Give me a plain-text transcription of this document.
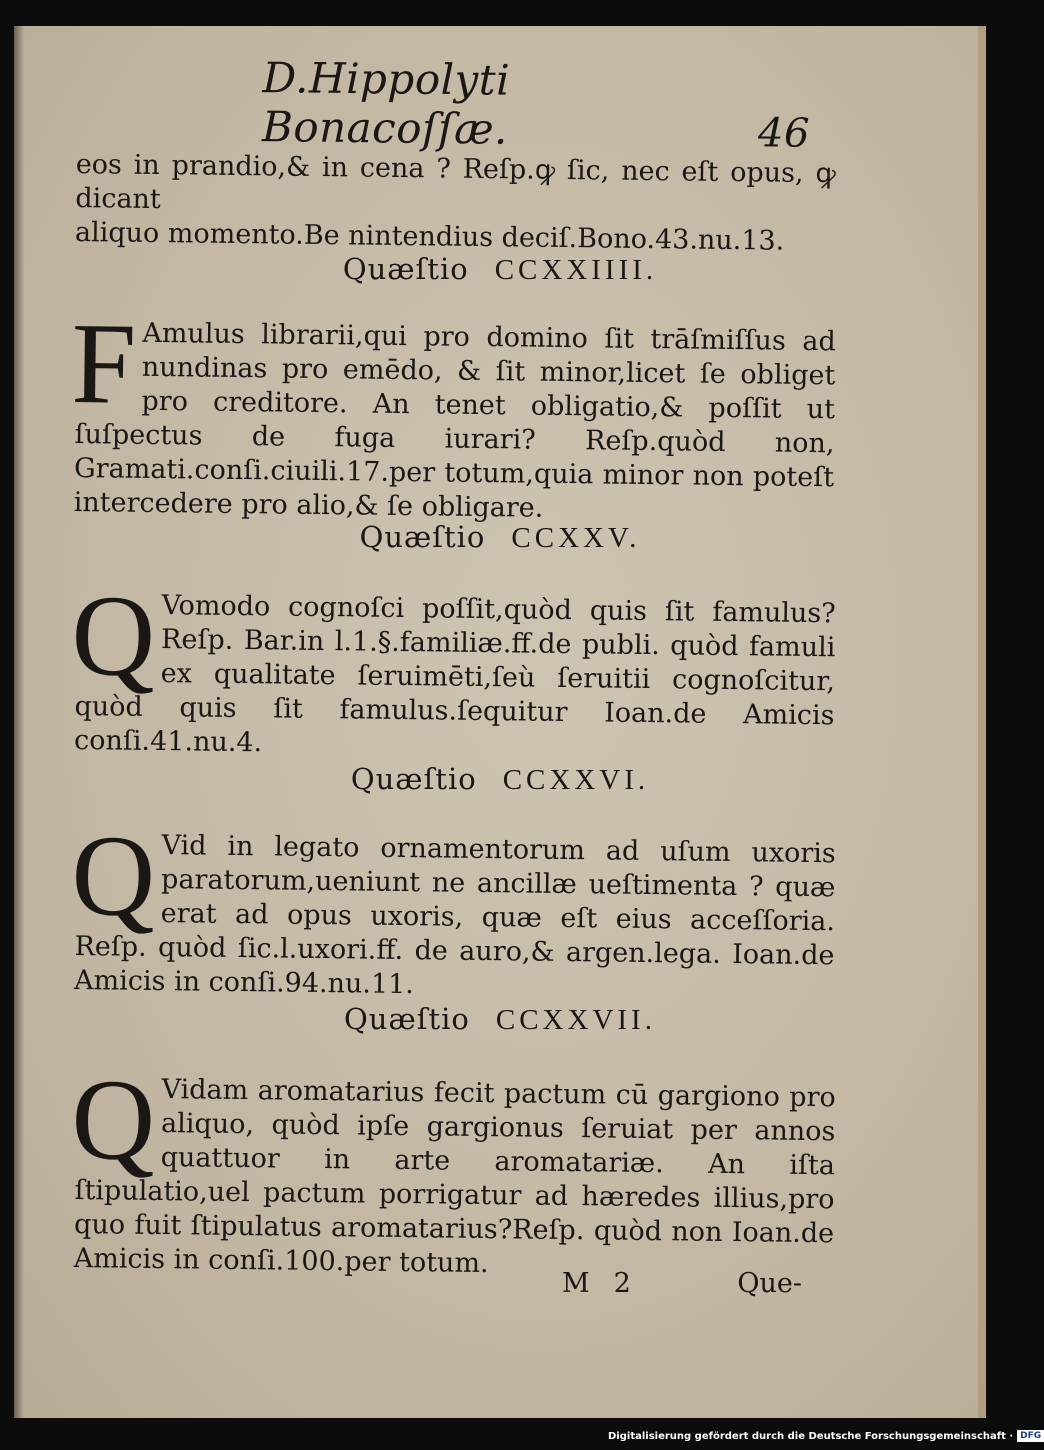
D.Hippolyti Bonacoſſæ.	46

eos in prandio,& in cena ? Reſp.ꝙ ſic, nec eſt opus, ꝙ dicant

aliquo momento.Be nintendius deciſ.Bono.43.nu.13.

Quæſtio CCXXIIII.
F Amulus librarii,qui pro domino ſit trāſmiſſus ad nundinas pro emēdo, & ſit minor,licet ſe obliget pro creditore. An tenet obligatio,& poſſit ut ſuſpectus de fuga iurari? Reſp.quòd non, Gramati.conſi.ciuili.17.per totum,quia minor non poteſt intercedere pro alio,& ſe obligare.

Quæſtio CCXXV.
Q Vomodo cognoſci poſſit,quòd quis ſit famulus? Reſp. Bar.in l.1.§.familiæ.ff.de publi. quòd famuli ex qualitate ſeruimēti,ſeù ſeruitii cognoſcitur, quòd quis ſit famulus.ſequitur Ioan.de Amicis conſi.41.nu.4.

Quæſtio CCXXVI.
Q Vid in legato ornamentorum ad uſum uxoris paratorum,ueniunt ne ancillæ ueſtimenta ? quæ erat ad opus uxoris, quæ eſt eius acceſſoria. Reſp. quòd ſic.l.uxori.ff. de auro,& argen.lega. Ioan.de Amicis in conſi.94.nu.11.

Quæſtio CCXXVII.
Q Vidam aromatarius fecit pactum cū gargiono pro aliquo, quòd ipſe gargionus ſeruiat per annos quattuor in arte aromatariæ. An iſta ſtipulatio,uel pactum porrigatur ad hæredes illius,pro quo fuit ſtipulatus aromatarius?Reſp. quòd non Ioan.de Amicis in conſi.100.per totum.

M 2	Que-
Digitalisierung gefördert durch die Deutsche Forschungsgemeinschaft · DFG
